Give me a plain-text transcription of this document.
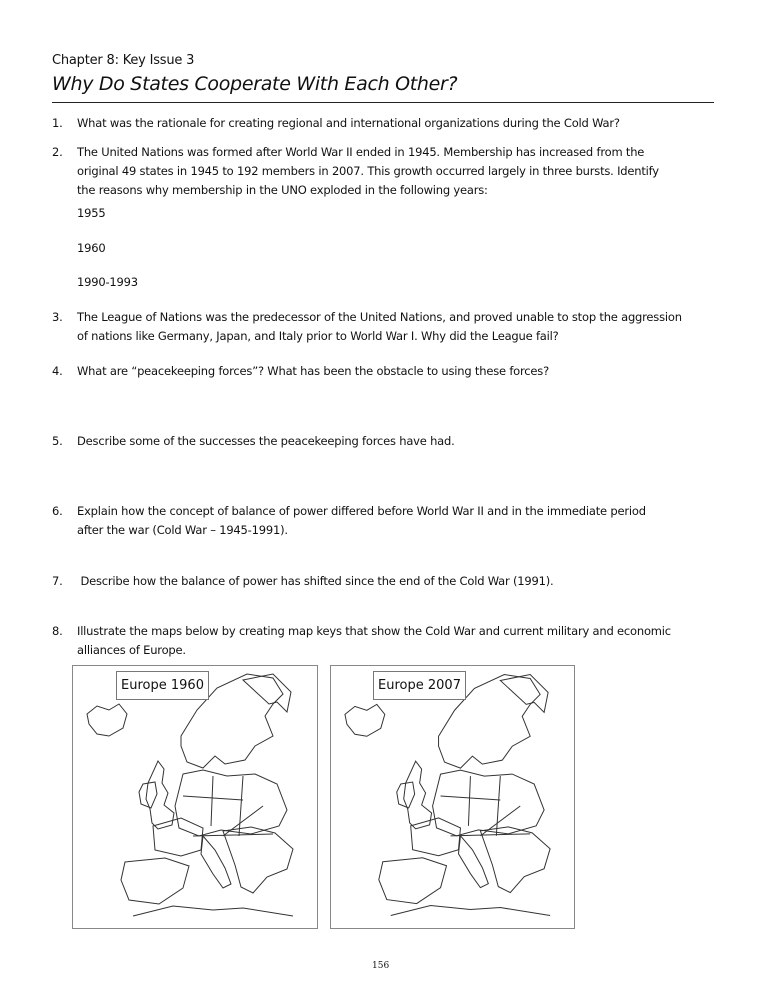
Chapter 8: Key Issue 3
Why Do States Cooperate With Each Other?
1. What was the rationale for creating regional and international organizations during the Cold War?
2. The United Nations was formed after World War II ended in 1945. Membership has increased from the
original 49 states in 1945 to 192 members in 2007. This growth occurred largely in three bursts. Identify
the reasons why membership in the UNO exploded in the following years:
1955
1960
1990-1993
3. The League of Nations was the predecessor of the United Nations, and proved unable to stop the aggression
of nations like Germany, Japan, and Italy prior to World War I. Why did the League fail?
4. What are “peacekeeping forces”? What has been the obstacle to using these forces?
5. Describe some of the successes the peacekeeping forces have had.
6. Explain how the concept of balance of power differed before World War II and in the immediate period
after the war (Cold War – 1945-1991).
7. Describe how the balance of power has shifted since the end of the Cold War (1991).
8. Illustrate the maps below by creating map keys that show the Cold War and current military and economic
alliances of Europe.
Europe 1960	Europe 2007
156
